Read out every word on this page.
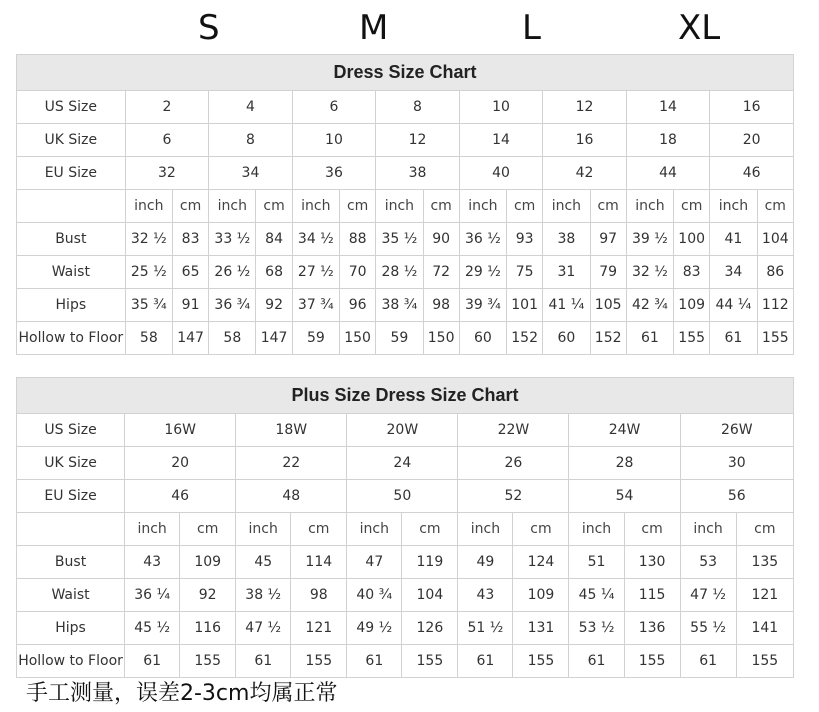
S	M	L	XL
Dress Size Chart																
US Size	2		4		6		8		10		12		14		16	
UK Size	6		8		10		12		14		16		18		20	
EU Size	32		34		36		38		40		42		44		46	
	inch	cm	inch	cm	inch	cm	inch	cm	inch	cm	inch	cm	inch	cm	inch	cm
Bust	32 ½	83	33 ½	84	34 ½	88	35 ½	90	36 ½	93	38	97	39 ½	100	41	104
Waist	25 ½	65	26 ½	68	27 ½	70	28 ½	72	29 ½	75	31	79	32 ½	83	34	86
Hips	35 ¾	91	36 ¾	92	37 ¾	96	38 ¾	98	39 ¾	101	41 ¼	105	42 ¾	109	44 ¼	112
Hollow to Floor	58	147	58	147	59	150	59	150	60	152	60	152	61	155	61	155
Plus Size Dress Size Chart												
US Size	16W		18W		20W		22W		24W		26W	
UK Size	20		22		24		26		28		30	
EU Size	46		48		50		52		54		56	
	inch	cm	inch	cm	inch	cm	inch	cm	inch	cm	inch	cm
Bust	43	109	45	114	47	119	49	124	51	130	53	135
Waist	36 ¼	92	38 ½	98	40 ¾	104	43	109	45 ¼	115	47 ½	121
Hips	45 ½	116	47 ½	121	49 ½	126	51 ½	131	53 ½	136	55 ½	141
Hollow to Floor	61	155	61	155	61	155	61	155	61	155	61	155
手工测量，误差2-3cm均属正常
